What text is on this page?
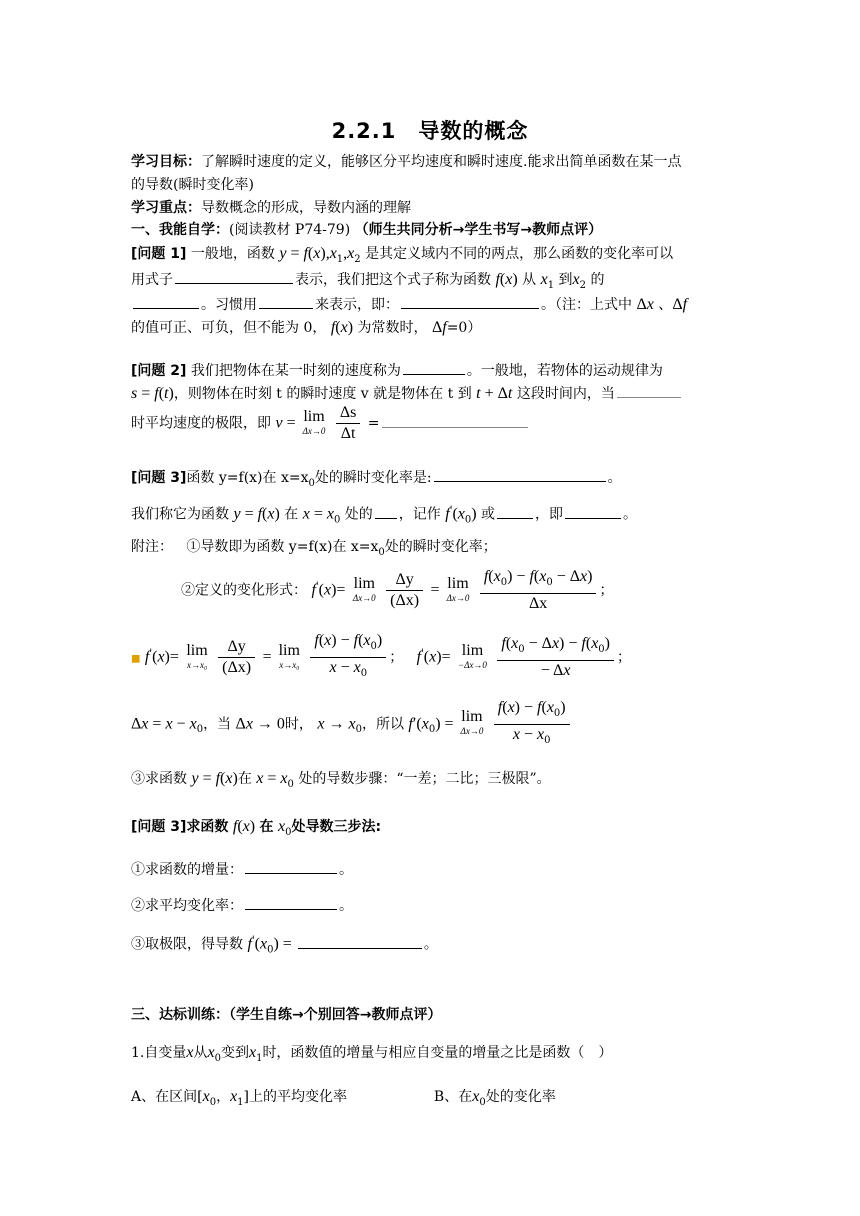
2.2.1　导数的概念
学习目标：了解瞬时速度的定义，能够区分平均速度和瞬时速度.能求出简单函数在某一点
的导数(瞬时变化率)
学习重点：导数概念的形成，导数内涵的理解
一、我能自学：(阅读教材 P74-79) （师生共同分析→学生书写→教师点评）
[问题 1] 一般地，函数 $y = f(x),x_1,x_2$ 是其定义域内不同的两点，那么函数的变化率可以
用式子	表示，我们把这个式子称为函数 f(x) 从 $x_1$ 到$x_2$ 的
。习惯用	来表示，即：	。（注：上式中 Δx 、Δf
的值可正、可负，但不能为 0， f(x) 为常数时， Δf=0）
[问题 2] 我们把物体在某一时刻的速度称为	。一般地，若物体的运动规律为
s = f(t)，则物体在时刻 t 的瞬时速度 v 就是物体在 t 到 t + Δt 这段时间内，当
时平均速度的极限，即 v = lim
Δx→0
$\frac{\Delta s}{\Delta t}$ =
[问题 3]函数 y=f(x)在 $x=x_0$处的瞬时变化率是:	。
我们称它为函数 y = f(x) 在 $x = x_0$ 处的 ，记作 $f'(x_0)$ 或	，即	。
附注： ①导数即为函数 y=f(x)在 $x=x_0$处的瞬时变化率；
②定义的变化形式： f'(x)= lim
Δx→0
$\frac{\Delta y}{(\Delta x)} = \lim$
Δx→0
$\frac{f(x_0) - f(x_0 - \Delta x)}{\Delta x}$ ；
■ f'(x)= lim
x→x₀
$\frac{\Delta y}{(\Delta x)} = \lim$
x→x₀
$\frac{f(x) - f(x_0)}{x - x_0}$ ；   f'(x)= lim
−Δx→0
$\frac{f(x_0 - \Delta x) - f(x_0)}{- \Delta x}$ ；
$\Delta x = x - x_0$，当 Δx → 0时， $x \to x_0$，所以 $f'(x_0) = \lim$
Δx→0
$\frac{f(x) - f(x_0)}{x - x_0}$
③求函数 y = f(x)在 $x = x_0$ 处的导数步骤：“一差；二比；三极限”。
[问题 3]求函数 f(x) 在 $x_0$处导数三步法:
①求函数的增量：	。
②求平均变化率：	。
③取极限，得导数 $f'(x_0)$ =	。
三、达标训练：（学生自练→个别回答→教师点评）
1.自变量x从$x_0$变到$x_1$时，函数值的增量与相应自变量的增量之比是函数（　）
A、在区间[$x_0$，$x_1$]上的平均变化率	B、在$x_0$处的变化率
